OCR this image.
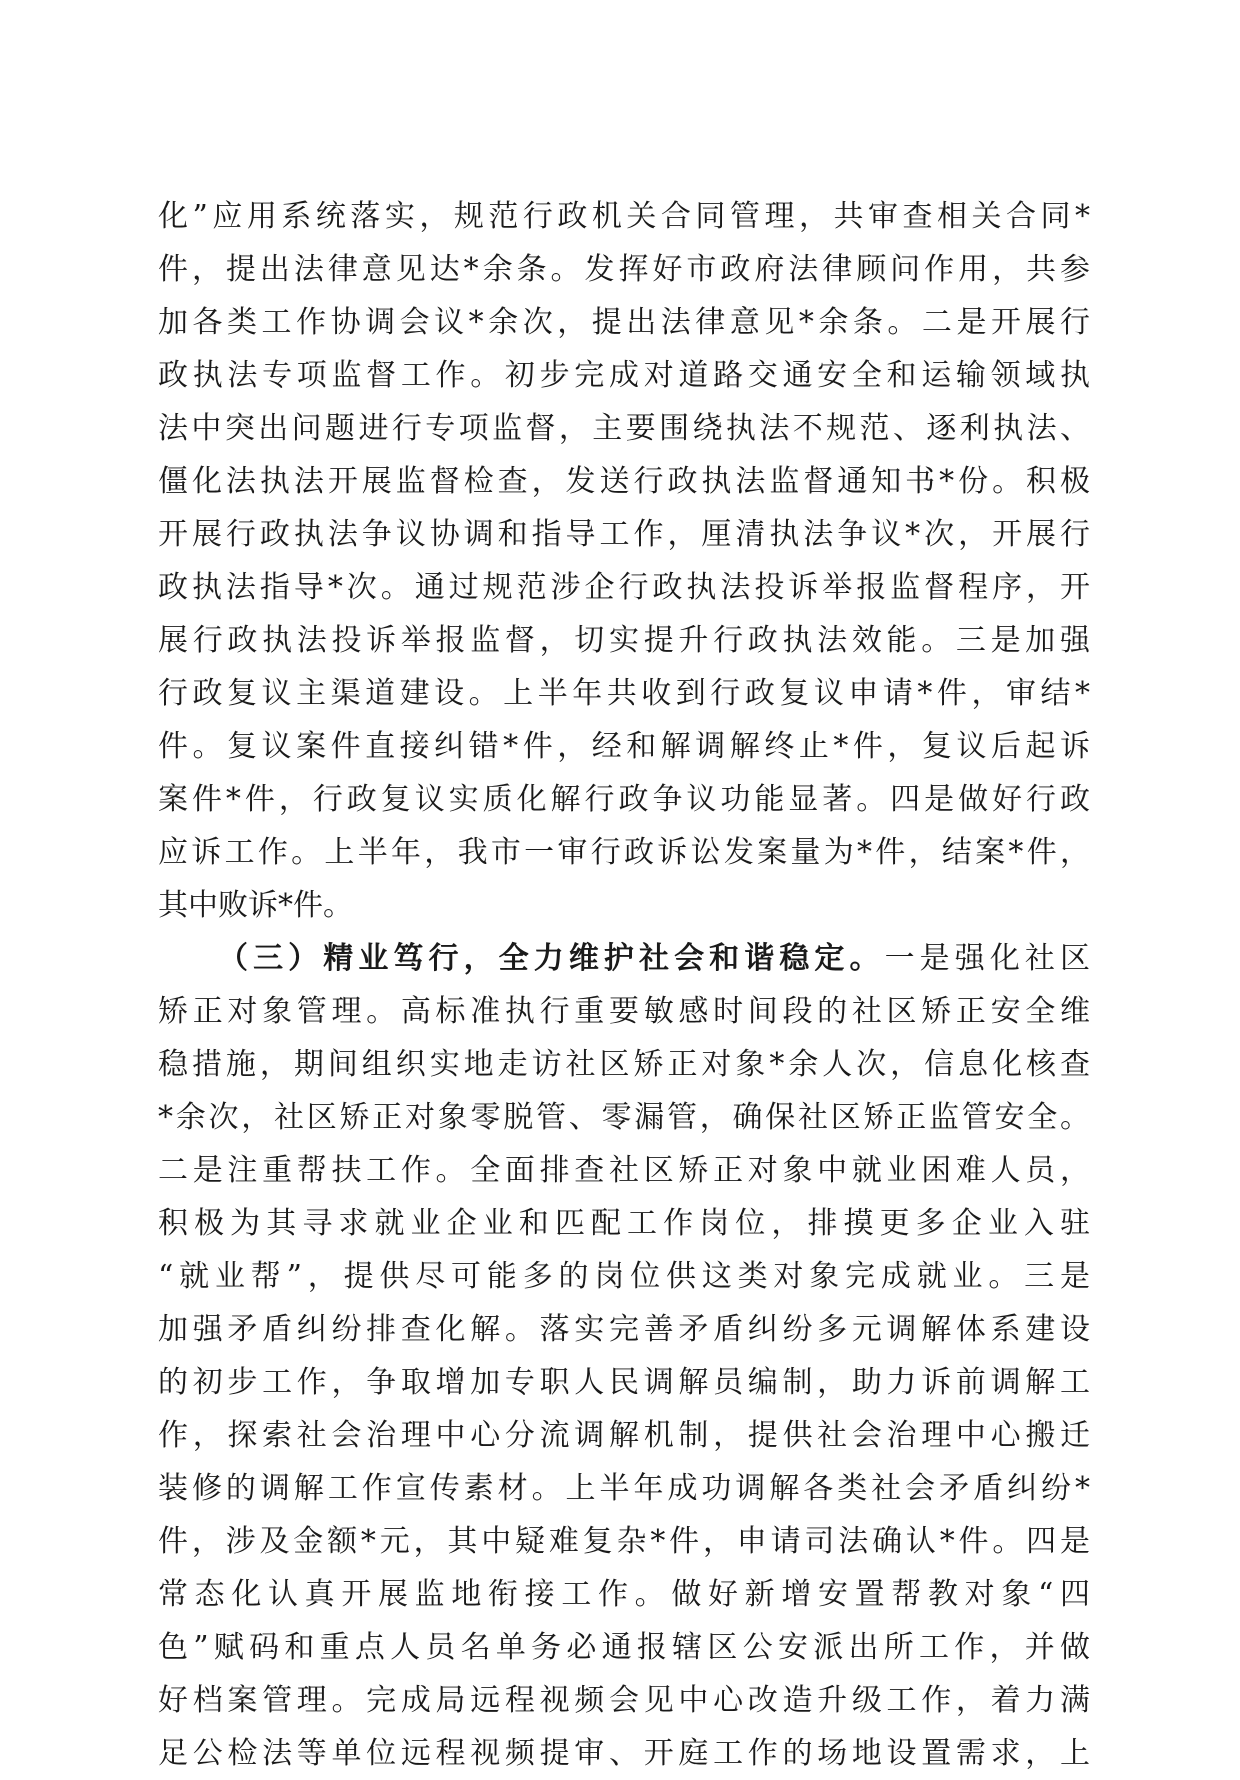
化”应用系统落实，规范行政机关合同管理，共审查相关合同*
件，提出法律意见达*余条。发挥好市政府法律顾问作用，共参
加各类工作协调会议*余次，提出法律意见*余条。二是开展行
政执法专项监督工作。初步完成对道路交通安全和运输领域执
法中突出问题进行专项监督，主要围绕执法不规范、逐利执法、
僵化法执法开展监督检查，发送行政执法监督通知书*份。积极
开展行政执法争议协调和指导工作，厘清执法争议*次，开展行
政执法指导*次。通过规范涉企行政执法投诉举报监督程序，开
展行政执法投诉举报监督，切实提升行政执法效能。三是加强
行政复议主渠道建设。上半年共收到行政复议申请*件，审结*
件。复议案件直接纠错*件，经和解调解终止*件，复议后起诉
案件*件，行政复议实质化解行政争议功能显著。四是做好行政
应诉工作。上半年，我市一审行政诉讼发案量为*件，结案*件，
其中败诉*件。
（三）精业笃行，全力维护社会和谐稳定。一是强化社区
矫正对象管理。高标准执行重要敏感时间段的社区矫正安全维
稳措施，期间组织实地走访社区矫正对象*余人次，信息化核查
*余次，社区矫正对象零脱管、零漏管，确保社区矫正监管安全。
二是注重帮扶工作。全面排查社区矫正对象中就业困难人员，
积极为其寻求就业企业和匹配工作岗位，排摸更多企业入驻
“就业帮”，提供尽可能多的岗位供这类对象完成就业。三是
加强矛盾纠纷排查化解。落实完善矛盾纠纷多元调解体系建设
的初步工作，争取增加专职人民调解员编制，助力诉前调解工
作，探索社会治理中心分流调解机制，提供社会治理中心搬迁
装修的调解工作宣传素材。上半年成功调解各类社会矛盾纠纷*
件，涉及金额*元，其中疑难复杂*件，申请司法确认*件。四是
常态化认真开展监地衔接工作。做好新增安置帮教对象“四
色”赋码和重点人员名单务必通报辖区公安派出所工作，并做
好档案管理。完成局远程视频会见中心改造升级工作，着力满
足公检法等单位远程视频提审、开庭工作的场地设置需求，上
